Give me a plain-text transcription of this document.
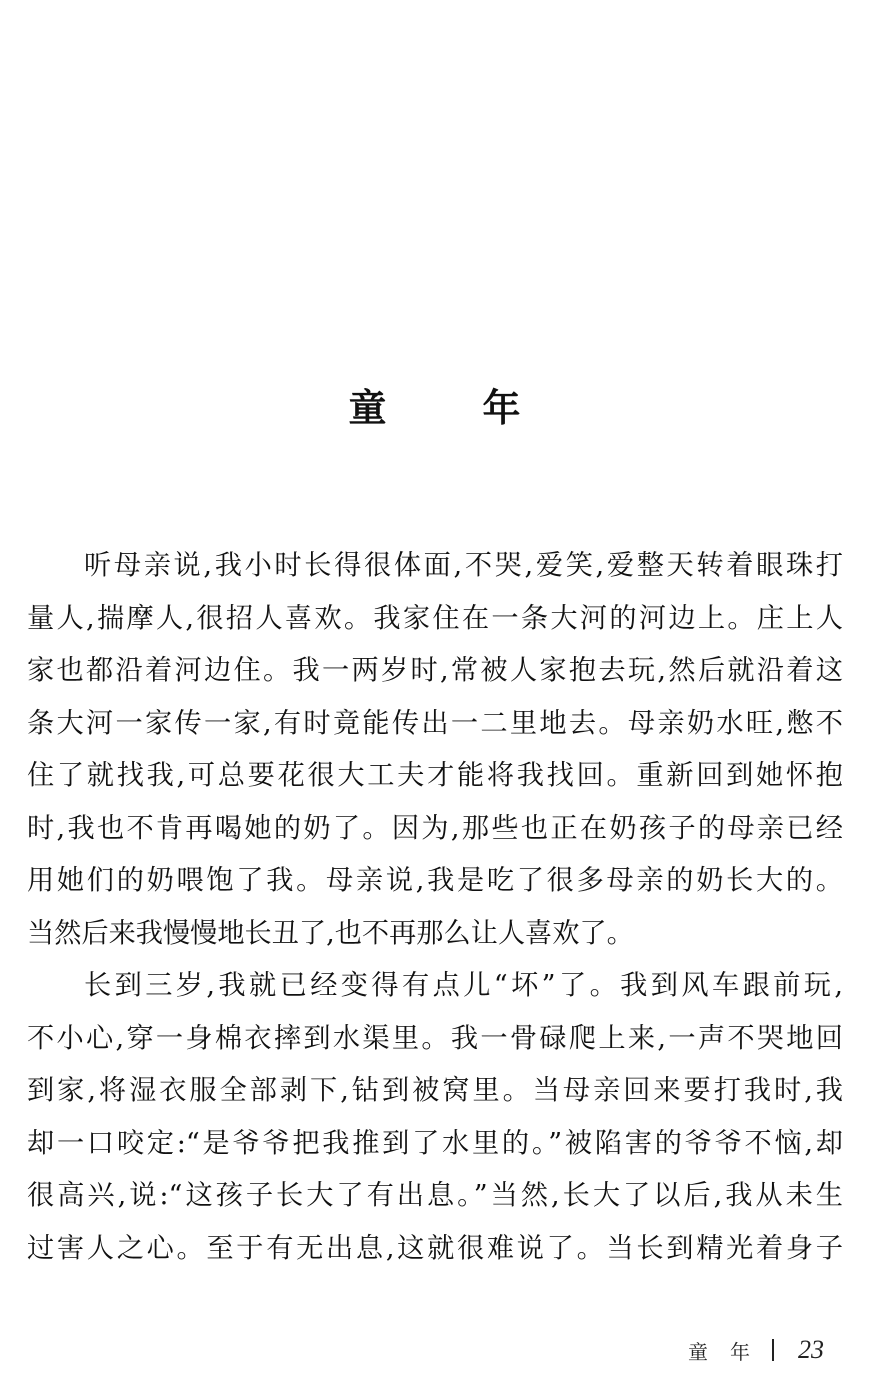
童	年
听母亲说,我小时长得很体面,不哭,爱笑,爱整天转着眼珠打
量人,揣摩人,很招人喜欢。我家住在一条大河的河边上。庄上人
家也都沿着河边住。我一两岁时,常被人家抱去玩,然后就沿着这
条大河一家传一家,有时竟能传出一二里地去。母亲奶水旺,憋不
住了就找我,可总要花很大工夫才能将我找回。重新回到她怀抱
时,我也不肯再喝她的奶了。因为,那些也正在奶孩子的母亲已经
用她们的奶喂饱了我。母亲说,我是吃了很多母亲的奶长大的。
当然后来我慢慢地长丑了,也不再那么让人喜欢了。
长到三岁,我就已经变得有点儿“坏”了。我到风车跟前玩,
不小心,穿一身棉衣摔到水渠里。我一骨碌爬上来,一声不哭地回
到家,将湿衣服全部剥下,钻到被窝里。当母亲回来要打我时,我
却一口咬定:“是爷爷把我推到了水里的。”被陷害的爷爷不恼,却
很高兴,说:“这孩子长大了有出息。”当然,长大了以后,我从未生
过害人之心。至于有无出息,这就很难说了。当长到精光着身子
童 年 23
